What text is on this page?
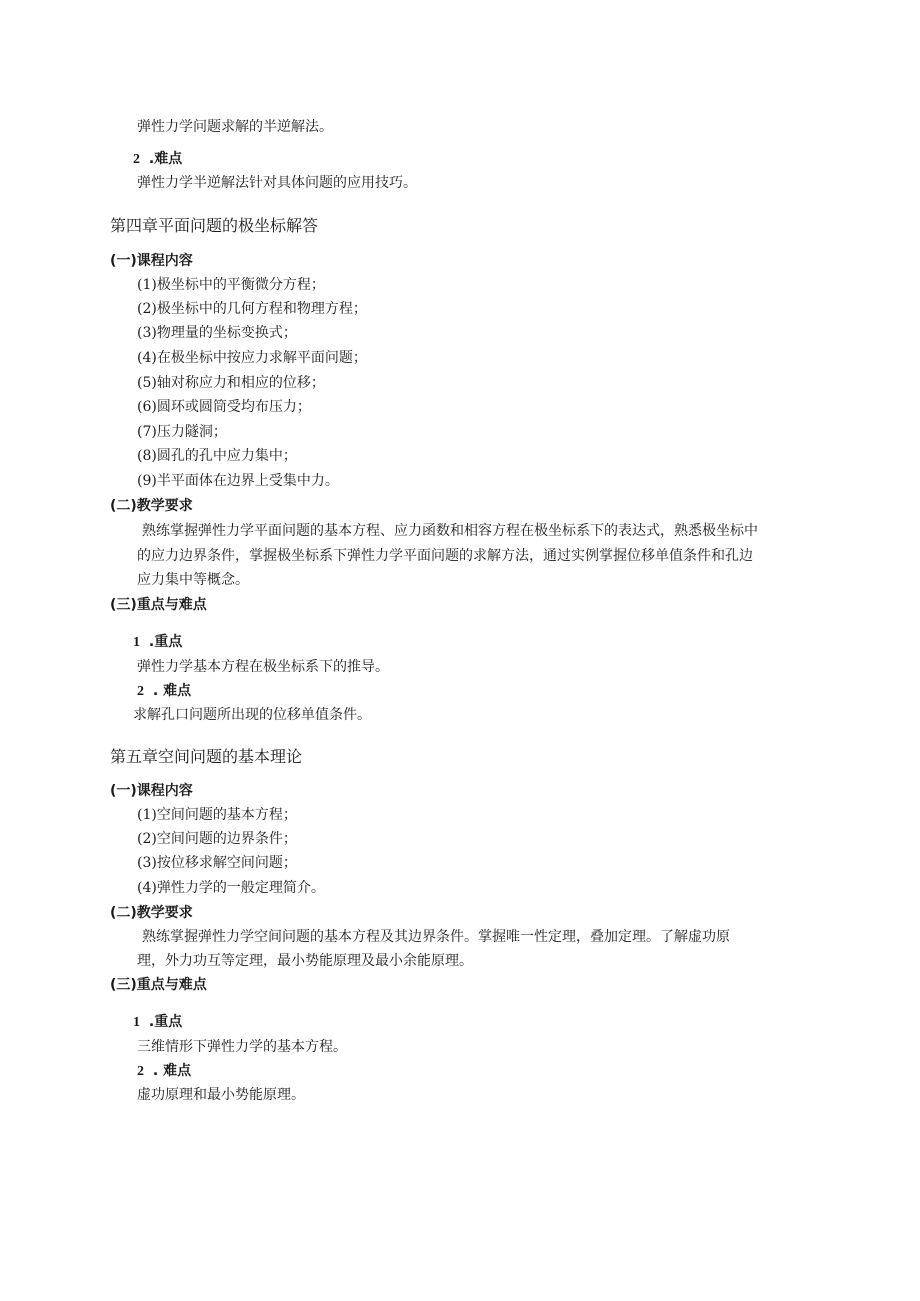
弹性力学问题求解的半逆解法。
2 .难点
弹性力学半逆解法针对具体问题的应用技巧。
第四章平面问题的极坐标解答
(一)课程内容
(1)极坐标中的平衡微分方程；
(2)极坐标中的几何方程和物理方程；
(3)物理量的坐标变换式；
(4)在极坐标中按应力求解平面问题；
(5)轴对称应力和相应的位移；
(6)圆环或圆筒受均布压力；
(7)压力隧洞；
(8)圆孔的孔中应力集中；
(9)半平面体在边界上受集中力。
(二)教学要求
熟练掌握弹性力学平面问题的基本方程、应力函数和相容方程在极坐标系下的表达式，熟悉极坐标中
的应力边界条件，掌握极坐标系下弹性力学平面问题的求解方法，通过实例掌握位移单值条件和孔边
应力集中等概念。
(三)重点与难点
1 .重点
弹性力学基本方程在极坐标系下的推导。
2 . 难点
求解孔口问题所出现的位移单值条件。
第五章空间问题的基本理论
(一)课程内容
(1)空间问题的基本方程；
(2)空间问题的边界条件；
(3)按位移求解空间问题；
(4)弹性力学的一般定理简介。
(二)教学要求
熟练掌握弹性力学空间问题的基本方程及其边界条件。掌握唯一性定理，叠加定理。了解虚功原
理，外力功互等定理，最小势能原理及最小余能原理。
(三)重点与难点
1 .重点
三维情形下弹性力学的基本方程。
2 . 难点
虚功原理和最小势能原理。
